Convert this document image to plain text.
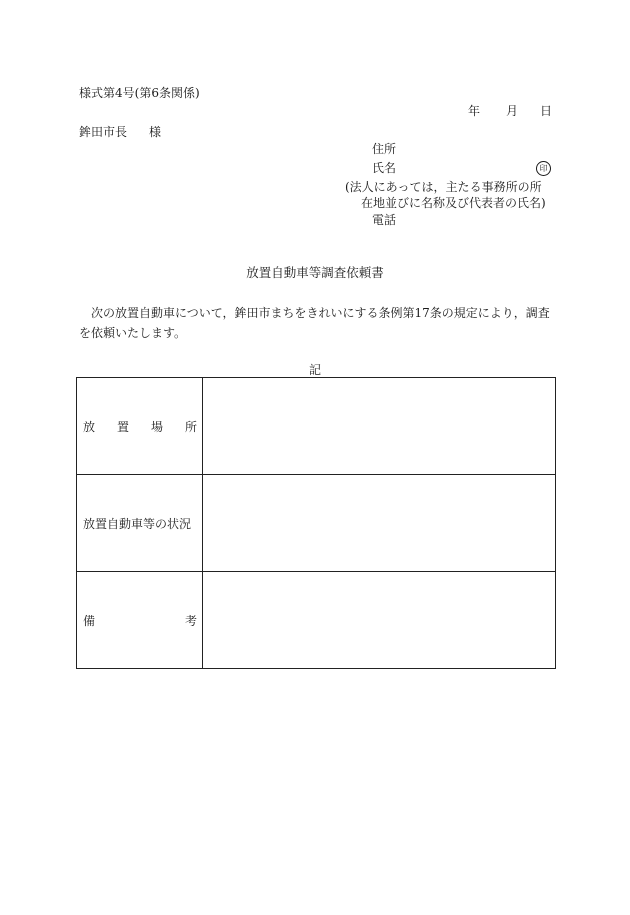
様式第4号(第6条関係)
年 月 日
鉾田市長 様
住所
氏名	印
(法人にあっては，主たる事務所の所
在地並びに名称及び代表者の氏名)
電話
放置自動車等調査依頼書
次の放置自動車について，鉾田市まちをきれいにする条例第17条の規定により，調査を依頼いたします。
記
放 置 場 所	

放置自動車等の状況	

備 考	
